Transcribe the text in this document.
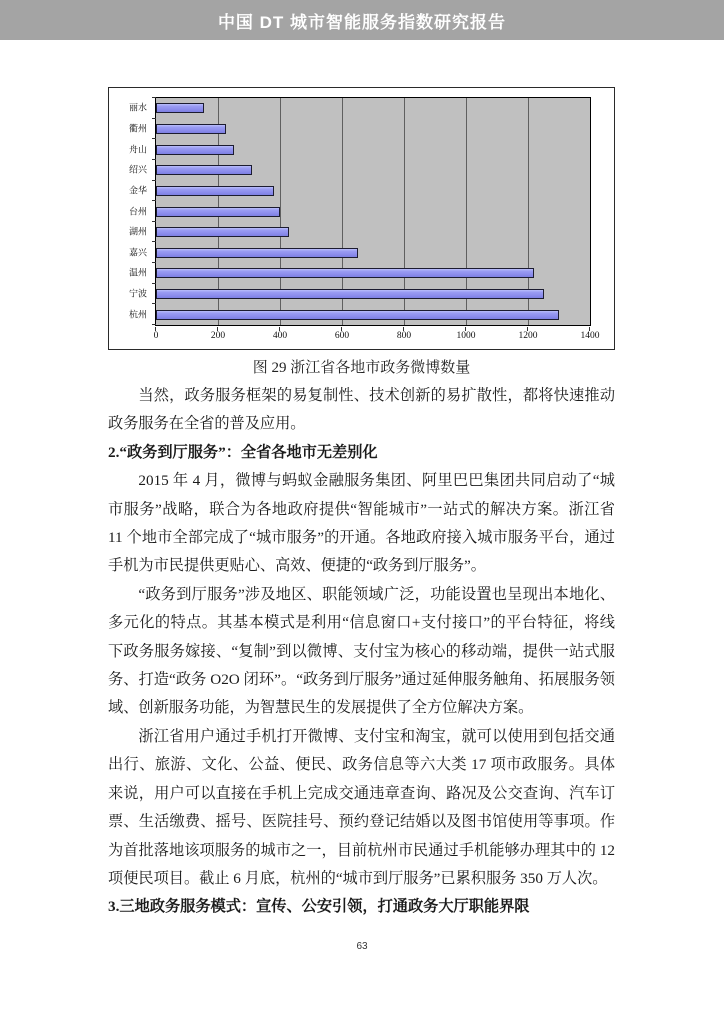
中国 DT 城市智能服务指数研究报告
丽水
衢州
舟山
绍兴
金华
台州
湖州
嘉兴
温州
宁波
杭州
0	200	400	600	800	1000	1200	1400
图 29 浙江省各地市政务微博数量

当然，政务服务框架的易复制性、技术创新的易扩散性，都将快速推动政务服务在全省的普及应用。

2.“政务到厅服务”：全省各地市无差别化

2015 年 4 月，微博与蚂蚁金融服务集团、阿里巴巴集团共同启动了“城市服务”战略，联合为各地政府提供“智能城市”一站式的解决方案。浙江省 11 个地市全部完成了“城市服务”的开通。各地政府接入城市服务平台，通过手机为市民提供更贴心、高效、便捷的“政务到厅服务”。

“政务到厅服务”涉及地区、职能领域广泛，功能设置也呈现出本地化、多元化的特点。其基本模式是利用“信息窗口+支付接口”的平台特征，将线下政务服务嫁接、“复制”到以微博、支付宝为核心的移动端，提供一站式服务、打造“政务 O2O 闭环”。“政务到厅服务”通过延伸服务触角、拓展服务领域、创新服务功能，为智慧民生的发展提供了全方位解决方案。

浙江省用户通过手机打开微博、支付宝和淘宝，就可以使用到包括交通出行、旅游、文化、公益、便民、政务信息等六大类 17 项市政服务。具体来说，用户可以直接在手机上完成交通违章查询、路况及公交查询、汽车订票、生活缴费、摇号、医院挂号、预约登记结婚以及图书馆使用等事项。作为首批落地该项服务的城市之一，目前杭州市民通过手机能够办理其中的 12 项便民项目。截止 6 月底，杭州的“城市到厅服务”已累积服务 350 万人次。

3.三地政务服务模式：宣传、公安引领，打通政务大厅职能界限
63
